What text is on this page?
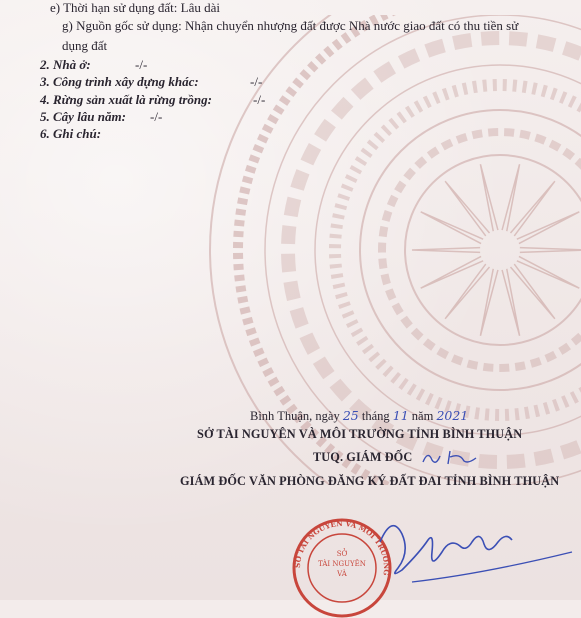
e) Thời hạn sử dụng đất: Lâu dài
g) Nguồn gốc sử dụng: Nhận chuyển nhượng đất được Nhà nước giao đất có thu tiền sử
dụng đất
2. Nhà ở:	-/-
3. Công trình xây dựng khác:	-/-
4. Rừng sản xuất là rừng trồng:	-/-
5. Cây lâu năm: -/-
6. Ghi chú:
Bình Thuận, ngày 25 tháng 11 năm 2021
SỞ TÀI NGUYÊN VÀ MÔI TRƯỜNG TỈNH BÌNH THUẬN
TUQ. GIÁM ĐỐC
GIÁM ĐỐC VĂN PHÒNG ĐĂNG KÝ ĐẤT ĐAI TỈNH BÌNH THUẬN
SỞ TÀI NGUYÊN VÀ MÔI TRƯỜNG
SỞ
TÀI NGUYÊN
VÀ
